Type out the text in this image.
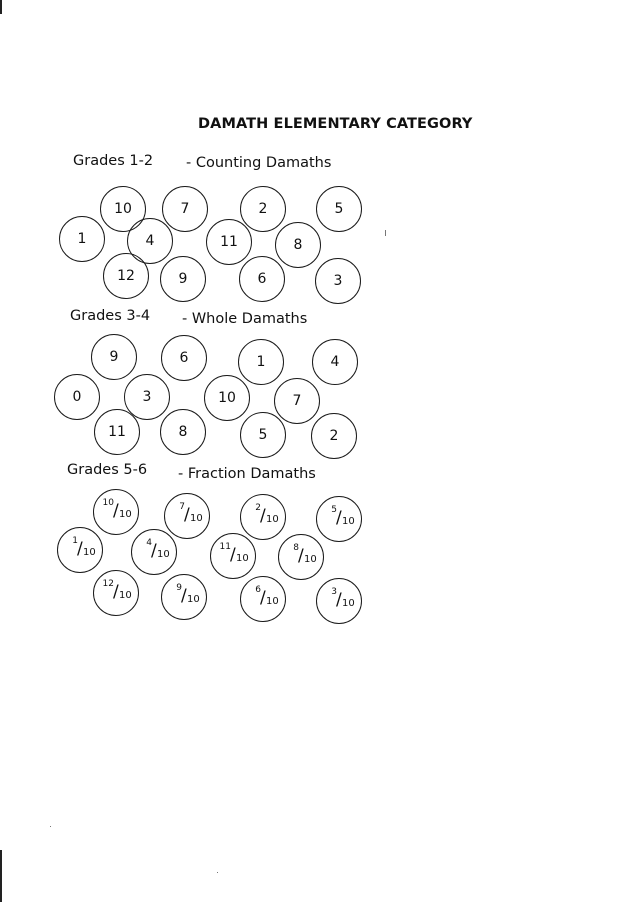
DAMATH ELEMENTARY CATEGORY
Grades 1-2 - Counting Damaths
10	7	2	5
1	4	11	8
12	9	6	3
Grades 3-4 - Whole Damaths
9	6	1	4
0	3	10	7
11	8	5	2
Grades 5-6 - Fraction Damaths
10 / 10
7 / 10
2 / 10
5 / 10
1 / 10
4 / 10
11 / 10
8 / 10
12 / 10
9 / 10
6 / 10
3 / 10
